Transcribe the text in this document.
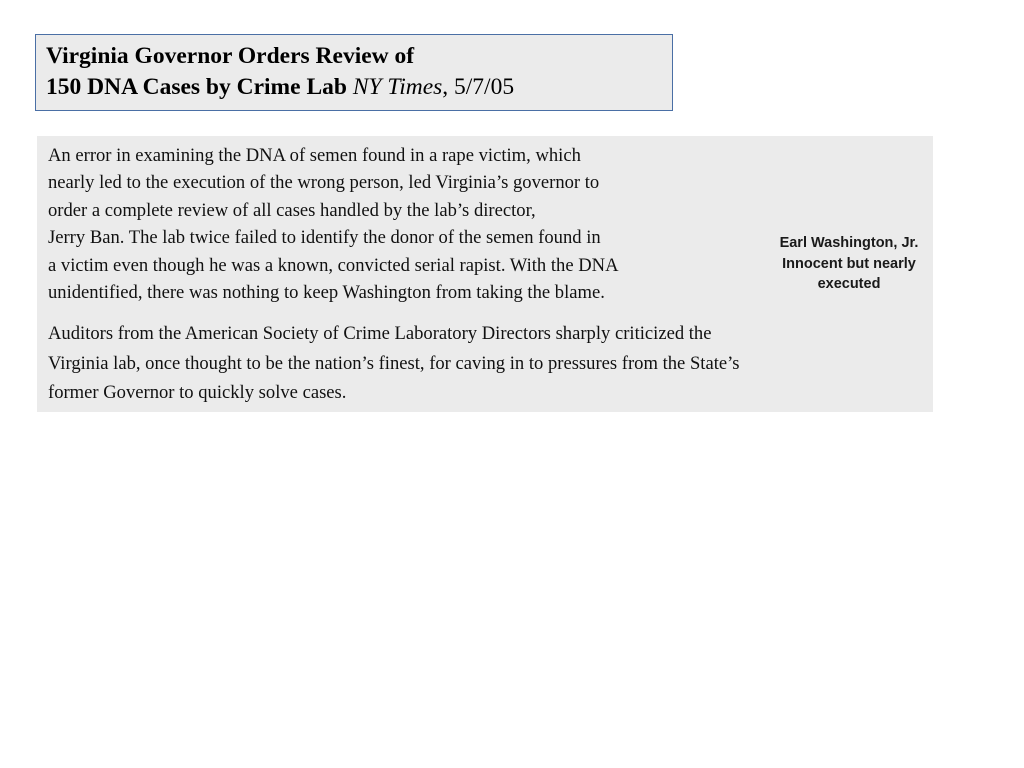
Virginia Governor Orders Review of
150 DNA Cases by Crime Lab NY Times, 5/7/05

An error in examining the DNA of semen found in a rape victim, which
nearly led to the execution of the wrong person, led Virginia’s governor to
order a complete review of all cases handled by the lab’s director,
Jerry Ban. The lab twice failed to identify the donor of the semen found in
a victim even though he was a known, convicted serial rapist. With the DNA
unidentified, there was nothing to keep Washington from taking the blame.

Earl Washington, Jr.
Innocent but nearly
executed

Auditors from the American Society of Crime Laboratory Directors sharply criticized the
Virginia lab, once thought to be the nation’s finest, for caving in to pressures from the State’s
former Governor to quickly solve cases.
